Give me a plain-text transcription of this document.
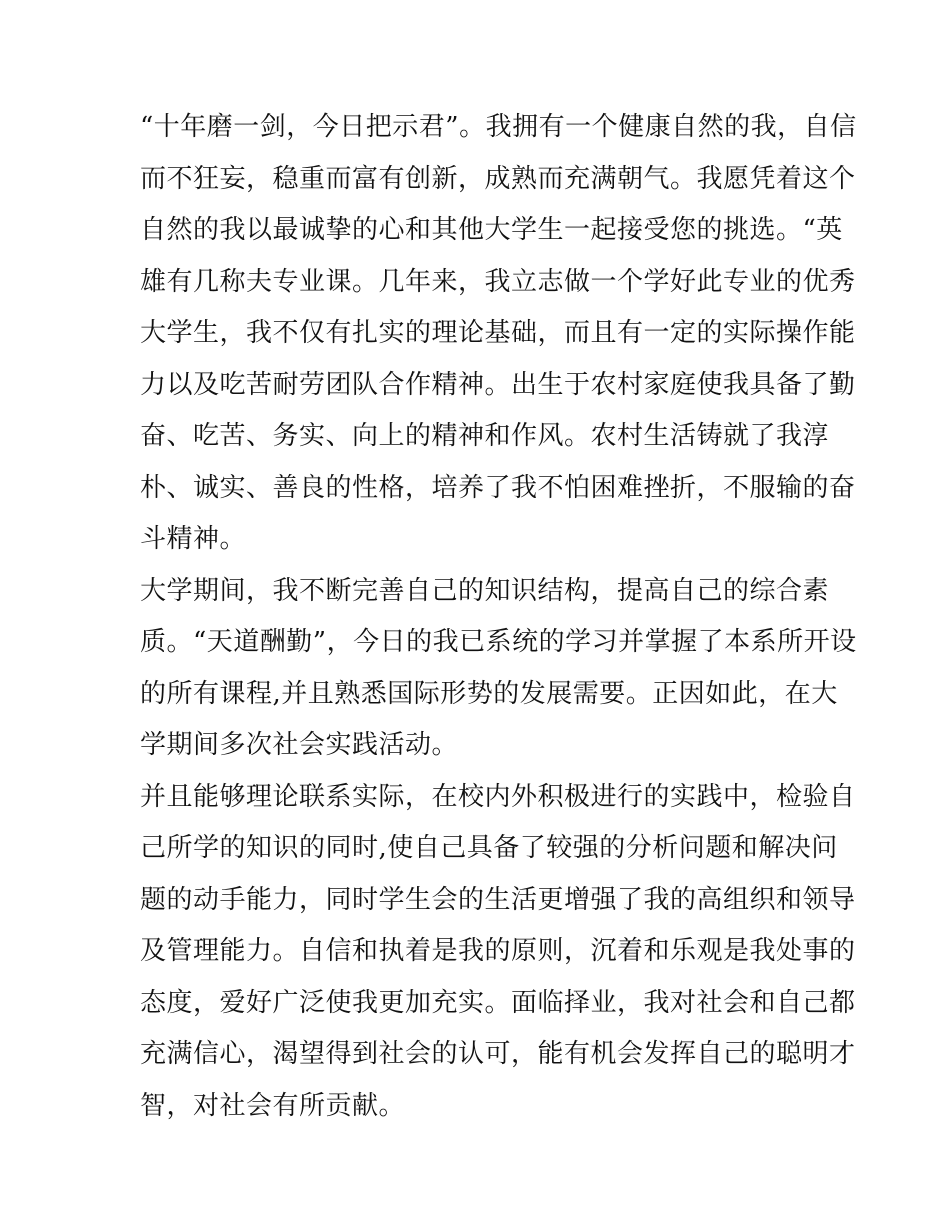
“十年磨一剑，今日把示君”。我拥有一个健康自然的我，自信
而不狂妄，稳重而富有创新，成熟而充满朝气。我愿凭着这个
自然的我以最诚挚的心和其他大学生一起接受您的挑选。“英
雄有几称夫专业课。几年来，我立志做一个学好此专业的优秀
大学生，我不仅有扎实的理论基础，而且有一定的实际操作能
力以及吃苦耐劳团队合作精神。出生于农村家庭使我具备了勤
奋、吃苦、务实、向上的精神和作风。农村生活铸就了我淳
朴、诚实、善良的性格，培养了我不怕困难挫折，不服输的奋
斗精神。
大学期间，我不断完善自己的知识结构，提高自己的综合素
质。“天道酬勤”，今日的我已系统的学习并掌握了本系所开设
的所有课程,并且熟悉国际形势的发展需要。正因如此，在大
学期间多次社会实践活动。
并且能够理论联系实际，在校内外积极进行的实践中，检验自
己所学的知识的同时,使自己具备了较强的分析问题和解决问
题的动手能力，同时学生会的生活更增强了我的高组织和领导
及管理能力。自信和执着是我的原则，沉着和乐观是我处事的
态度，爱好广泛使我更加充实。面临择业，我对社会和自己都
充满信心，渴望得到社会的认可，能有机会发挥自己的聪明才
智，对社会有所贡献。
